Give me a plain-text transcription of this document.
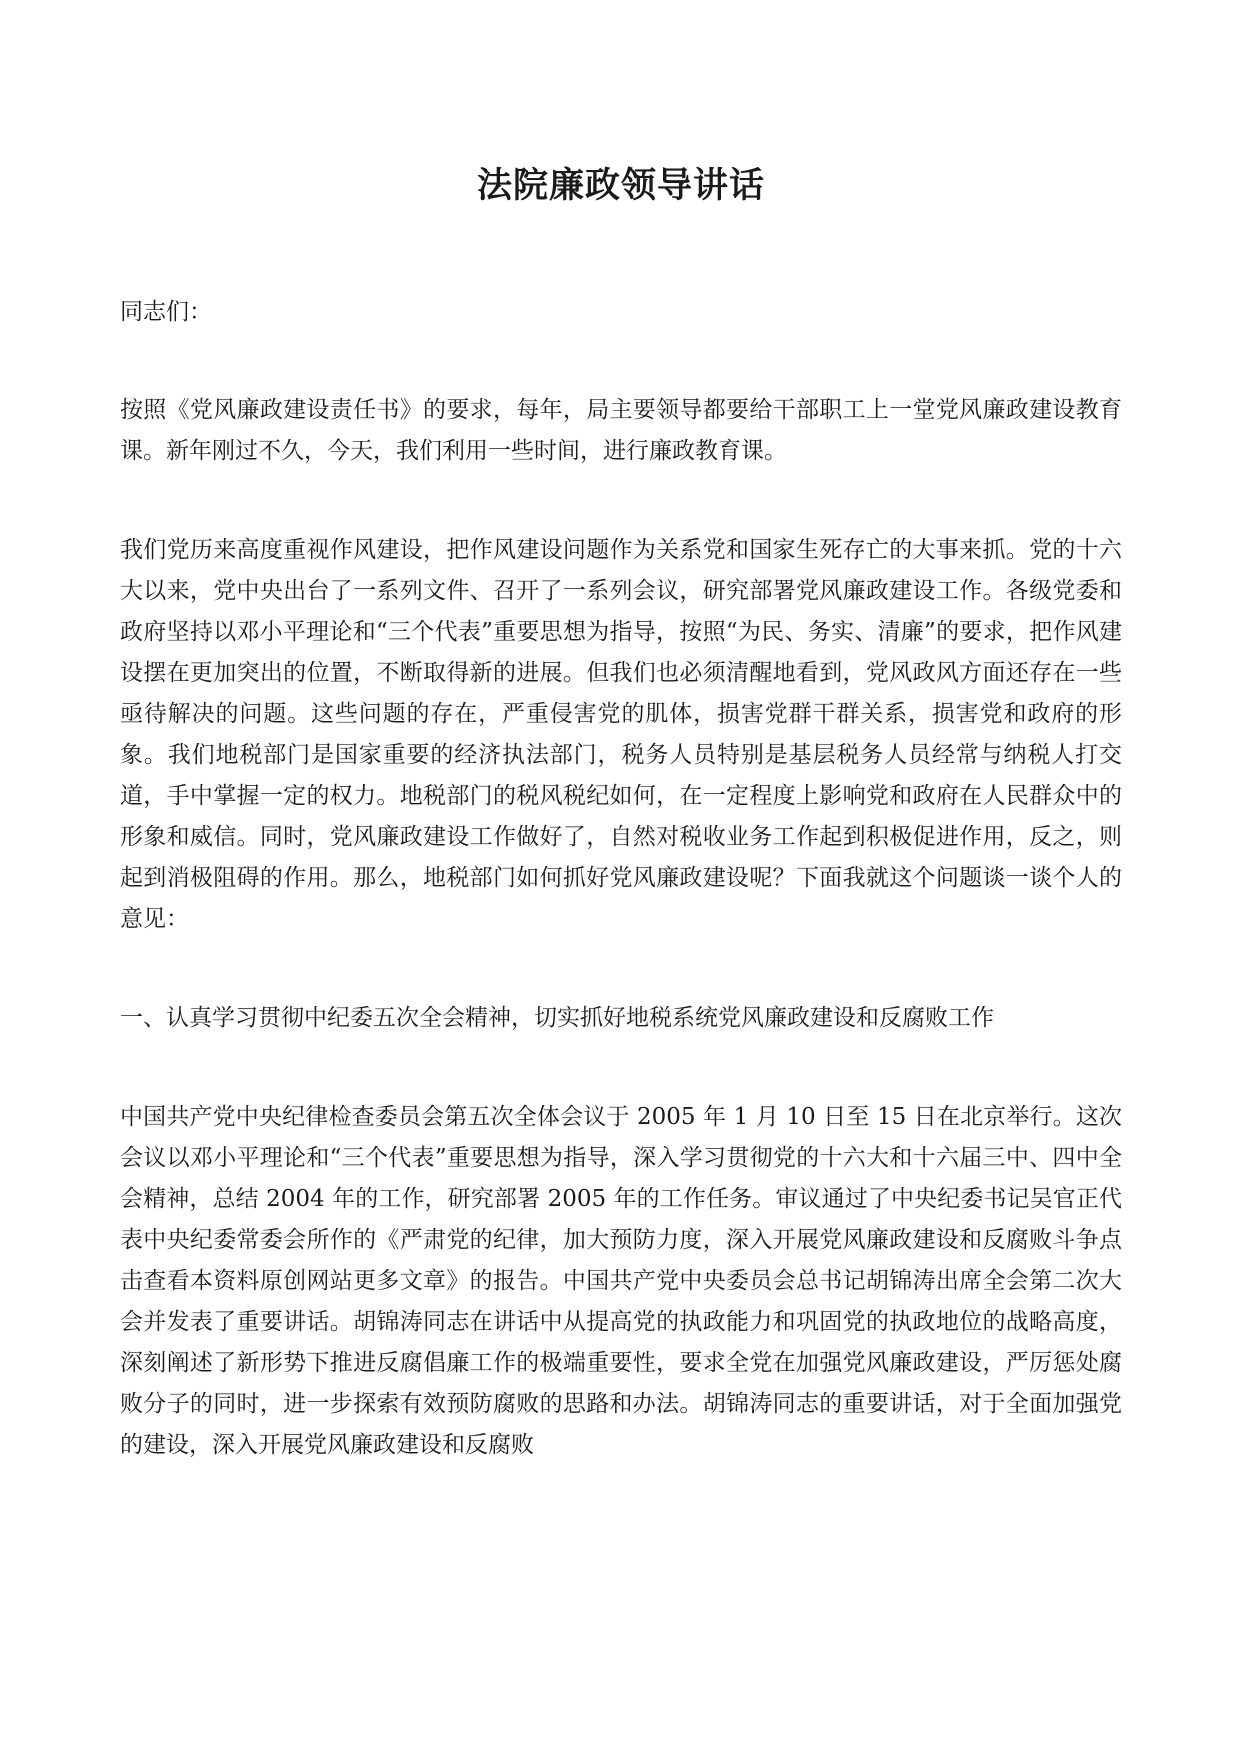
法院廉政领导讲话

同志们：

按照《党风廉政建设责任书》的要求，每年，局主要领导都要给干部职工上一堂党风廉政建设教育课。新年刚过不久，今天，我们利用一些时间，进行廉政教育课。

我们党历来高度重视作风建设，把作风建设问题作为关系党和国家生死存亡的大事来抓。党的十六大以来，党中央出台了一系列文件、召开了一系列会议，研究部署党风廉政建设工作。各级党委和政府坚持以邓小平理论和“三个代表”重要思想为指导，按照“为民、务实、清廉”的要求，把作风建设摆在更加突出的位置，不断取得新的进展。但我们也必须清醒地看到，党风政风方面还存在一些亟待解决的问题。这些问题的存在，严重侵害党的肌体，损害党群干群关系，损害党和政府的形象。我们地税部门是国家重要的经济执法部门，税务人员特别是基层税务人员经常与纳税人打交道，手中掌握一定的权力。地税部门的税风税纪如何，在一定程度上影响党和政府在人民群众中的形象和威信。同时，党风廉政建设工作做好了，自然对税收业务工作起到积极促进作用，反之，则起到消极阻碍的作用。那么，地税部门如何抓好党风廉政建设呢？下面我就这个问题谈一谈个人的意见：

一、认真学习贯彻中纪委五次全会精神，切实抓好地税系统党风廉政建设和反腐败工作

中国共产党中央纪律检查委员会第五次全体会议于 2005 年 1 月 10 日至 15 日在北京举行。这次会议以邓小平理论和“三个代表”重要思想为指导，深入学习贯彻党的十六大和十六届三中、四中全会精神，总结 2004 年的工作，研究部署 2005 年的工作任务。审议通过了中央纪委书记吴官正代表中央纪委常委会所作的《严肃党的纪律，加大预防力度，深入开展党风廉政建设和反腐败斗争点击查看本资料原创网站更多文章》的报告。中国共产党中央委员会总书记胡锦涛出席全会第二次大会并发表了重要讲话。胡锦涛同志在讲话中从提高党的执政能力和巩固党的执政地位的战略高度，深刻阐述了新形势下推进反腐倡廉工作的极端重要性，要求全党在加强党风廉政建设，严厉惩处腐败分子的同时，进一步探索有效预防腐败的思路和办法。胡锦涛同志的重要讲话，对于全面加强党的建设，深入开展党风廉政建设和反腐败
